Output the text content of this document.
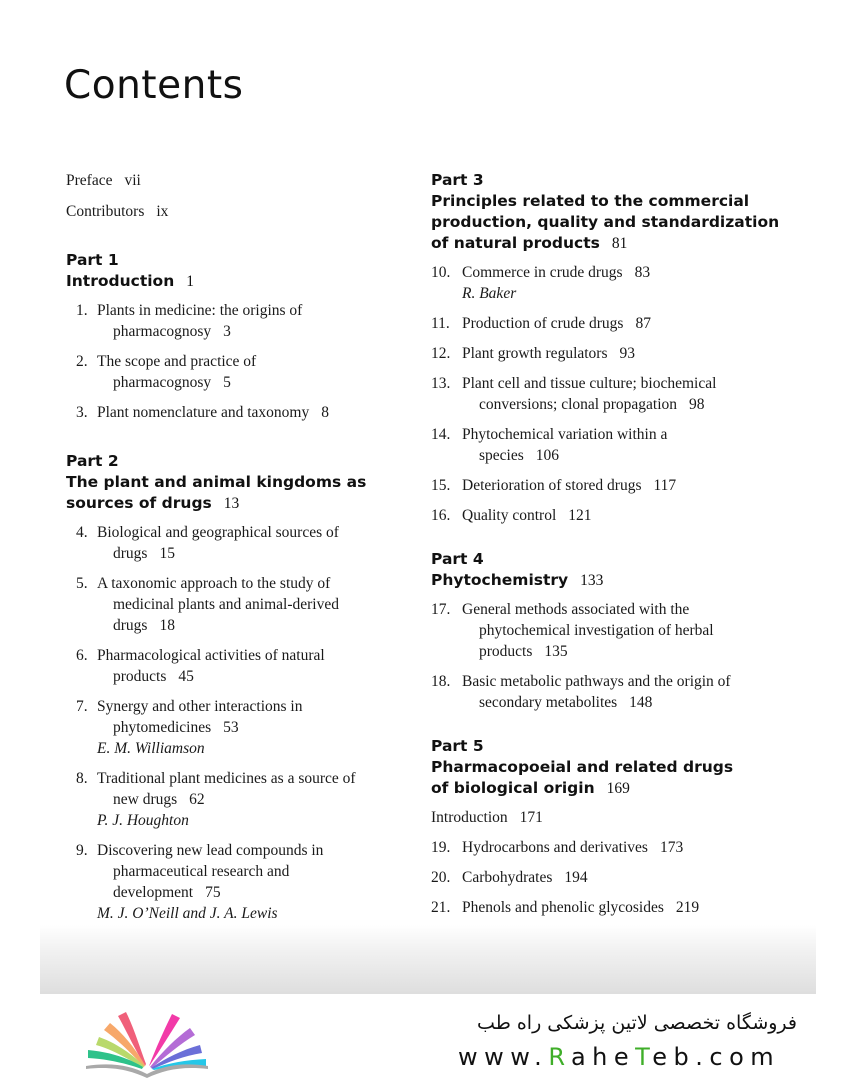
Contents
Preface vii
Contributors ix
Part 1
Introduction 1
1. Plants in medicine: the origins of
pharmacognosy 3
2. The scope and practice of
pharmacognosy 5
3. Plant nomenclature and taxonomy 8
Part 2
The plant and animal kingdoms as
sources of drugs 13
4. Biological and geographical sources of
drugs 15
5. A taxonomic approach to the study of
medicinal plants and animal-derived
drugs 18
6. Pharmacological activities of natural
products 45
7. Synergy and other interactions in
phytomedicines 53
E. M. Williamson
8. Traditional plant medicines as a source of
new drugs 62
P. J. Houghton
9. Discovering new lead compounds in
pharmaceutical research and
development 75
M. J. O’Neill and J. A. Lewis
Part 3
Principles related to the commercial
production, quality and standardization
of natural products 81
10. Commerce in crude drugs 83
R. Baker
11. Production of crude drugs 87
12. Plant growth regulators 93
13. Plant cell and tissue culture; biochemical
conversions; clonal propagation 98
14. Phytochemical variation within a
species 106
15. Deterioration of stored drugs 117
16. Quality control 121
Part 4
Phytochemistry 133
17. General methods associated with the
phytochemical investigation of herbal
products 135
18. Basic metabolic pathways and the origin of
secondary metabolites 148
Part 5
Pharmacopoeial and related drugs
of biological origin 169
Introduction 171
19. Hydrocarbons and derivatives 173
20. Carbohydrates 194
21. Phenols and phenolic glycosides 219
فروشگاه تخصصی لاتین پزشکی راه طب
www.RaheTeb.com
